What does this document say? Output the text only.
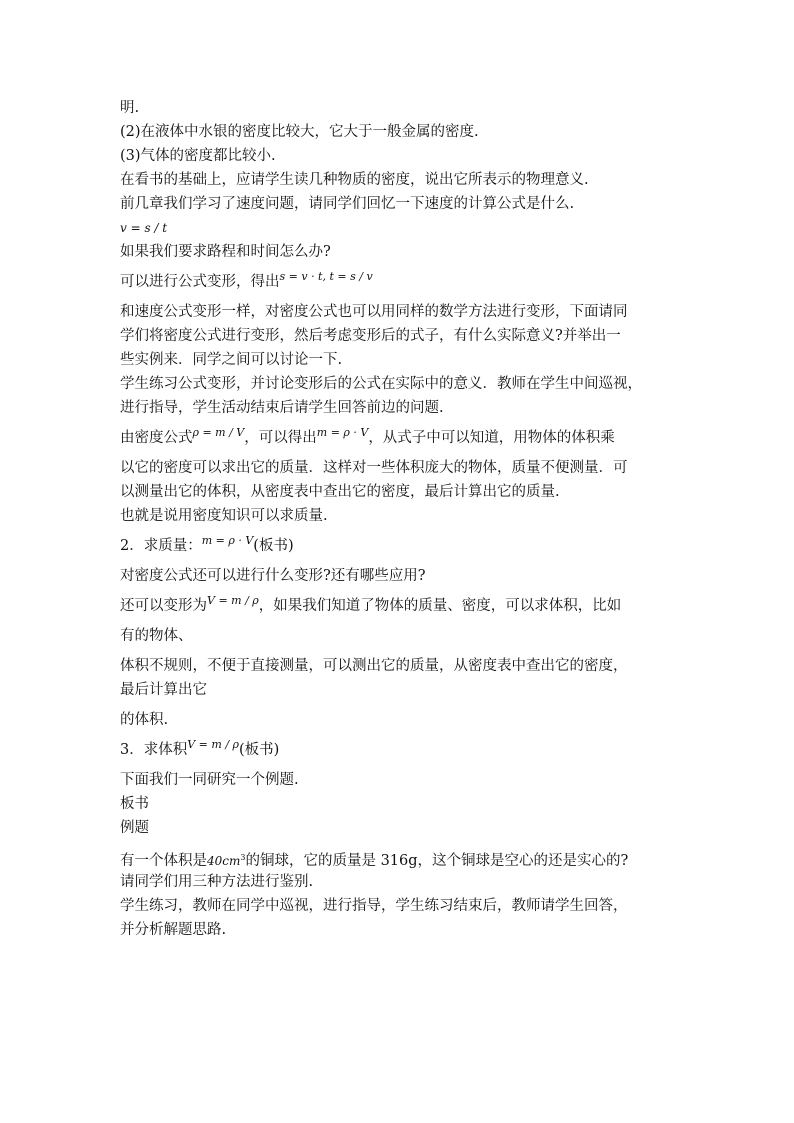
明.
(2)在液体中水银的密度比较大，它大于一般金属的密度.
(3)气体的密度都比较小.
在看书的基础上，应请学生读几种物质的密度，说出它所表示的物理意义.
前几章我们学习了速度问题，请同学们回忆一下速度的计算公式是什么.
v = s / t
如果我们要求路程和时间怎么办?
可以进行公式变形，得出$^{s = v \cdot t, t = s / v}$
和速度公式变形一样，对密度公式也可以用同样的数学方法进行变形，下面请同
学们将密度公式进行变形，然后考虑变形后的式子，有什么实际意义?并举出一
些实例来．同学之间可以讨论一下.
学生练习公式变形，并讨论变形后的公式在实际中的意义．教师在学生中间巡视，
进行指导，学生活动结束后请学生回答前边的问题.
由密度公式$^{\rho = m / V}$，可以得出$^{m = \rho \cdot V}$，从式子中可以知道，用物体的体积乘
以它的密度可以求出它的质量．这样对一些体积庞大的物体，质量不便测量．可
以测量出它的体积，从密度表中查出它的密度，最后计算出它的质量.
也就是说用密度知识可以求质量.
2．求质量：$^{m = \rho \cdot V}$(板书)
对密度公式还可以进行什么变形?还有哪些应用?
还可以变形为$^{V = m / \rho}$，如果我们知道了物体的质量、密度，可以求体积，比如
有的物体、
体积不规则，不便于直接测量，可以测出它的质量，从密度表中查出它的密度，
最后计算出它
的体积.
3．求体积$^{V = m / \rho}$(板书)
下面我们一同研究一个例题.
板书
例题
有一个体积是$40cm^3$的铜球，它的质量是 316g，这个铜球是空心的还是实心的?
请同学们用三种方法进行鉴别.
学生练习，教师在同学中巡视，进行指导，学生练习结束后，教师请学生回答，
并分析解题思路.
